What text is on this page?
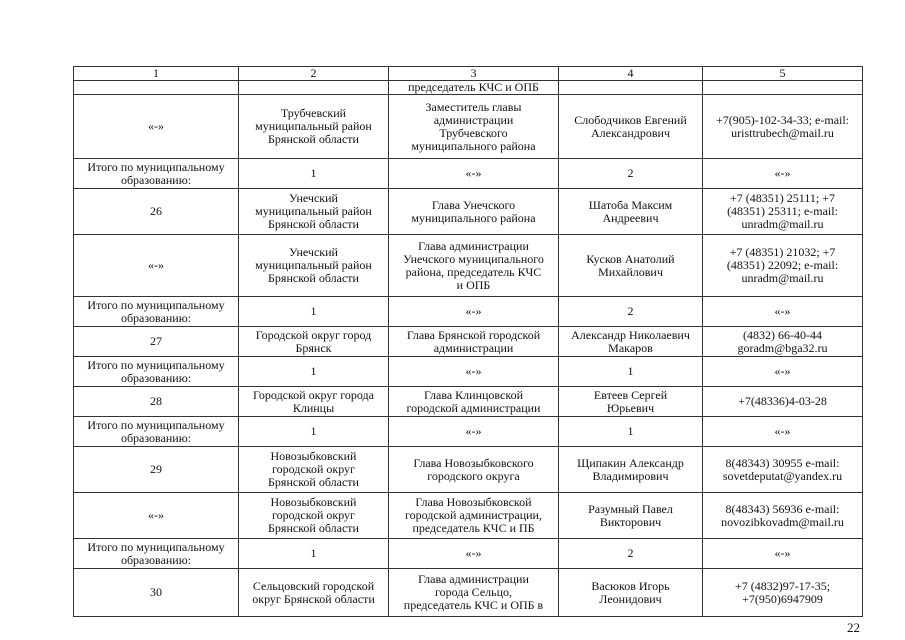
1	2	3	4	5
		председатель КЧС и ОПБ		
«-»	Трубчевский
муниципальный район
Брянской области	Заместитель главы
администрации
Трубчевского
муниципального района	Слободчиков Евгений
Александрович	+7(905)-102-34-33; e-mail:
uristtrubech@mail.ru
Итого по муниципальному
образованию:	1	«-»	2	«-»
26	Унечский
муниципальный район
Брянской области	Глава Унечского
муниципального района	Шатоба Максим
Андреевич	+7 (48351) 25111; +7
(48351) 25311; e-mail:
unradm@mail.ru
«-»	Унечский
муниципальный район
Брянской области	Глава администрации
Унечского муниципального
района, председатель КЧС
и ОПБ	Кусков Анатолий
Михайлович	+7 (48351) 21032; +7
(48351) 22092; e-mail:
unradm@mail.ru
Итого по муниципальному
образованию:	1	«-»	2	«-»
27	Городской округ город
Брянск	Глава Брянской городской
администрации	Александр Николаевич
Макаров	(4832) 66-40-44
goradm@bga32.ru
Итого по муниципальному
образованию:	1	«-»	1	«-»
28	Городской округ города
Клинцы	Глава Клинцовской
городской администрации	Евтеев Сергей
Юрьевич	+7(48336)4-03-28
Итого по муниципальному
образованию:	1	«-»	1	«-»
29	Новозыбковский
городской округ
Брянской области	Глава Новозыбковского
городского округа	Щипакин Александр
Владимирович	8(48343) 30955 e-mail:
sovetdeputat@yandex.ru
«-»	Новозыбковский
городской округ
Брянской области	Глава Новозыбковской
городской администрации,
председатель КЧС и ПБ	Разумный Павел
Викторович	8(48343) 56936 e-mail:
novozibkovadm@mail.ru
Итого по муниципальному
образованию:	1	«-»	2	«-»
30	Сельцовский городской
округ Брянской области	Глава администрации
города Сельцо,
председатель КЧС и ОПБ в	Васюков Игорь
Леонидович	+7 (4832)97-17-35;
+7(950)6947909
22
